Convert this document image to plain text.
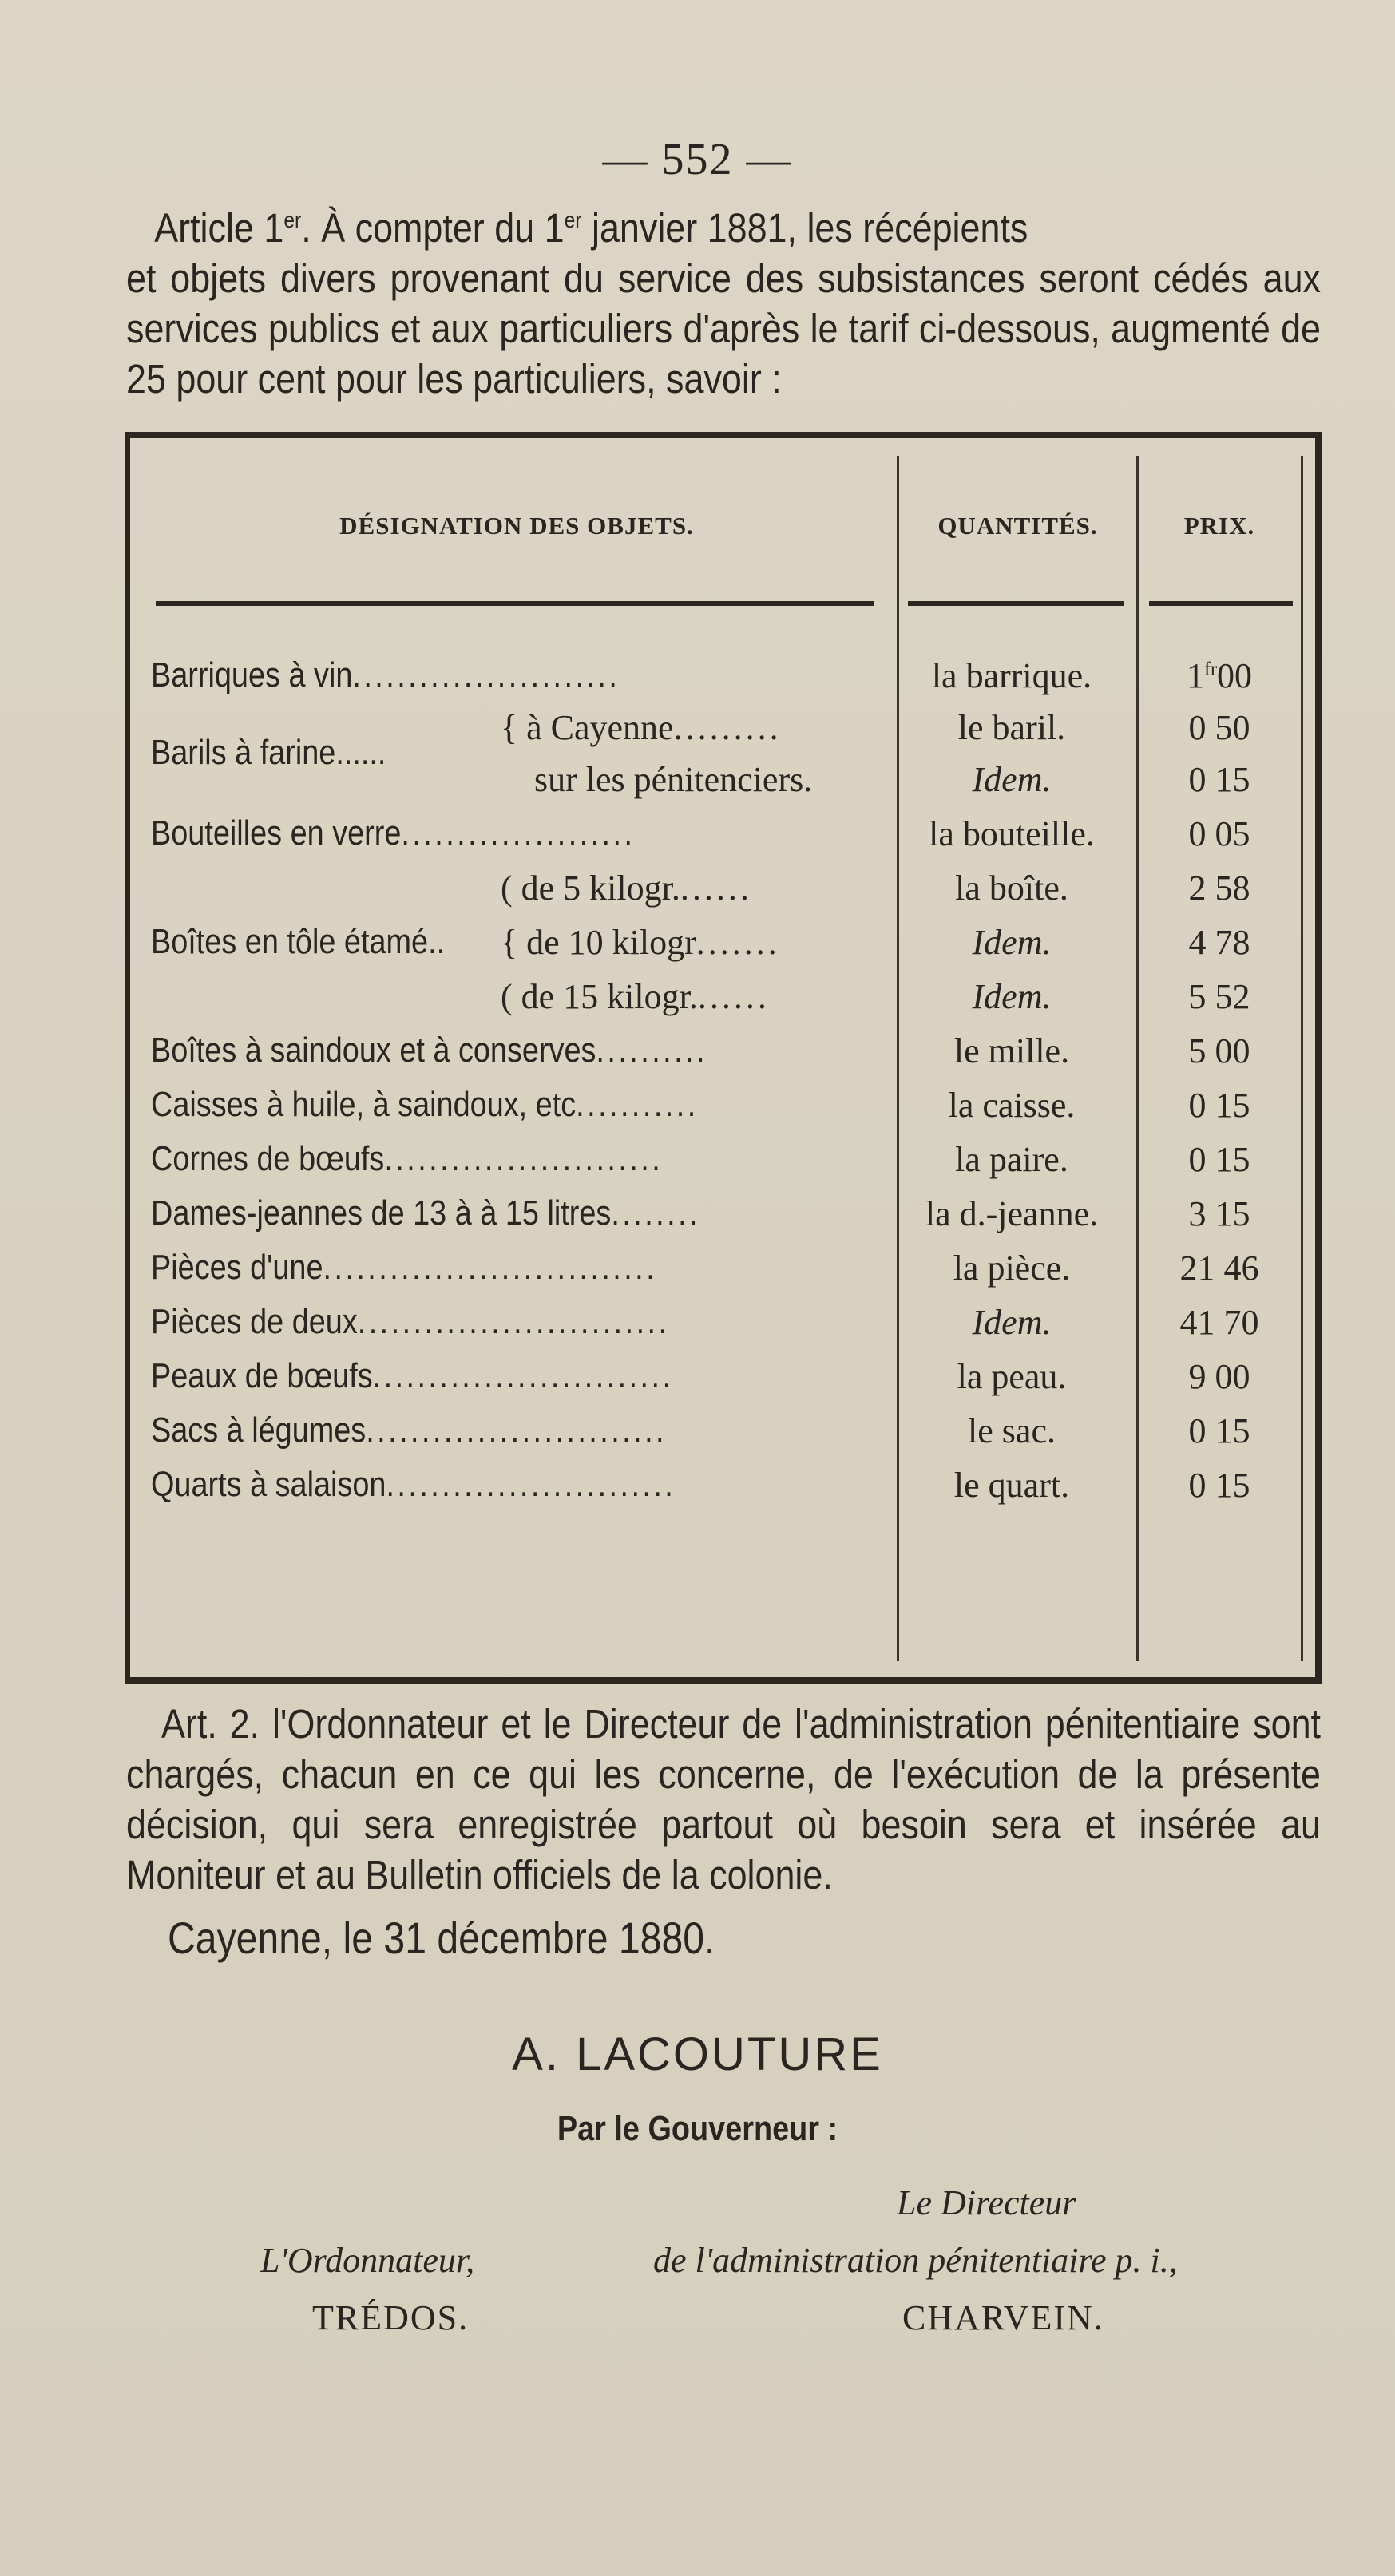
— 552 —

Article 1er. À compter du 1er janvier 1881, les récépients

et objets divers provenant du service des subsistances seront cédés aux services publics et aux particuliers d'après le tarif ci-dessous, augmenté de 25 pour cent pour les particuliers, savoir :

DÉSIGNATION DES OBJETS.	QUANTITÉS.	PRIX.
Barriques à vin........................	la barrique.	$1^{fr}00$
Barils à farine......
{ à Cayenne.........	le baril.	0 50
sur les pénitenciers.	Idem.	0 15
Bouteilles en verre.....................	la bouteille.	0 05
( de 5 kilogr.......	la boîte.	2 58
Boîtes en tôle étamé..	{ de 10 kilogr.......	Idem.	4 78
( de 15 kilogr.......	Idem.	5 52
Boîtes à saindoux et à conserves..........	le mille.	5 00
Caisses à huile, à saindoux, etc...........	la caisse.	0 15
Cornes de bœufs.........................	la paire.	0 15
Dames-jeannes de 13 à à 15 litres........	la d.-jeanne.	3 15
Pièces d'une..............................	la pièce.	21 46
Pièces de deux............................	Idem.	41 70
Peaux de bœufs...........................	la peau.	9 00
Sacs à légumes...........................	le sac.	0 15
Quarts à salaison..........................	le quart.	0 15

Art. 2. l'Ordonnateur et le Directeur de l'administration pénitentiaire sont chargés, chacun en ce qui les concerne, de l'exécution de la présente décision, qui sera enregistrée partout où besoin sera et insérée au Moniteur et au Bulletin officiels de la colonie.

Cayenne, le 31 décembre 1880.
A. LACOUTURE
Par le Gouverneur :
Le Directeur
L'Ordonnateur,	de l'administration pénitentiaire p. i.,
TRÉDOS.	CHARVEIN.
